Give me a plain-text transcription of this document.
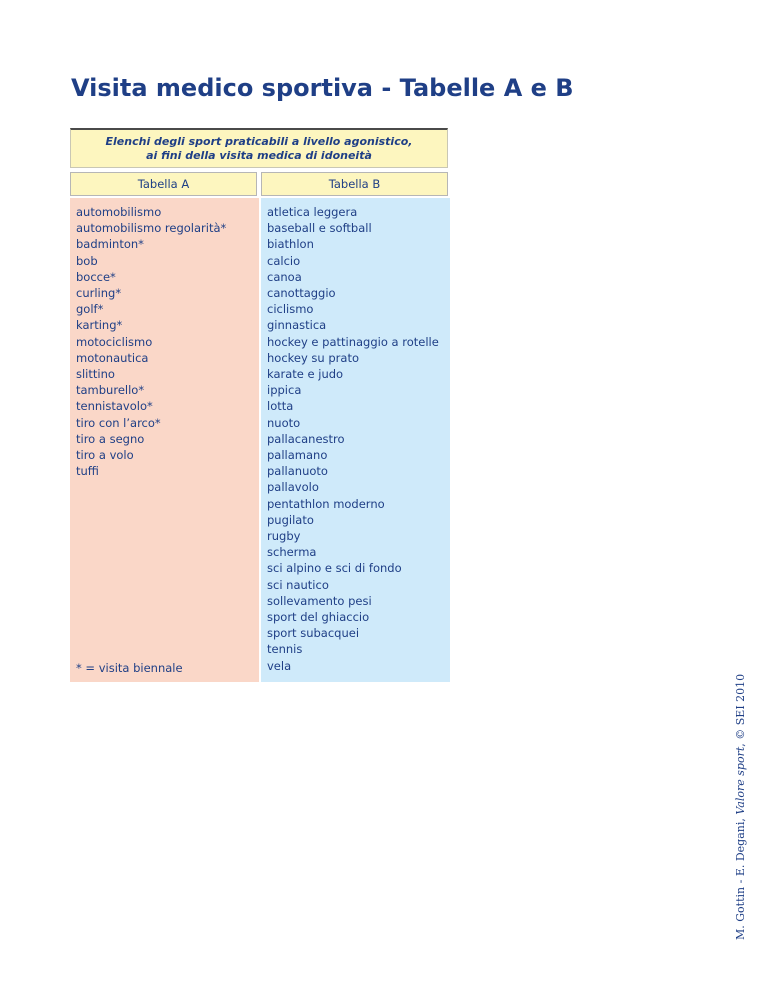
Visita medico sportiva - Tabelle A e B
Elenchi degli sport praticabili a livello agonistico,
ai fini della visita medica di idoneità
Tabella A	Tabella B
automobilismo
automobilismo regolarità*
badminton*
bob
bocce*
curling*
golf*
karting*
motociclismo
motonautica
slittino
tamburello*
tennistavolo*
tiro con l’arco*
tiro a segno
tiro a volo
tuffi
* = visita biennale
atletica leggera
baseball e softball
biathlon
calcio
canoa
canottaggio
ciclismo
ginnastica
hockey e pattinaggio a rotelle
hockey su prato
karate e judo
ippica
lotta
nuoto
pallacanestro
pallamano
pallanuoto
pallavolo
pentathlon moderno
pugilato
rugby
scherma
sci alpino e sci di fondo
sci nautico
sollevamento pesi
sport del ghiaccio
sport subacquei
tennis
vela
M. Gottin - E. Degani, Valore sport, © SEI 2010
